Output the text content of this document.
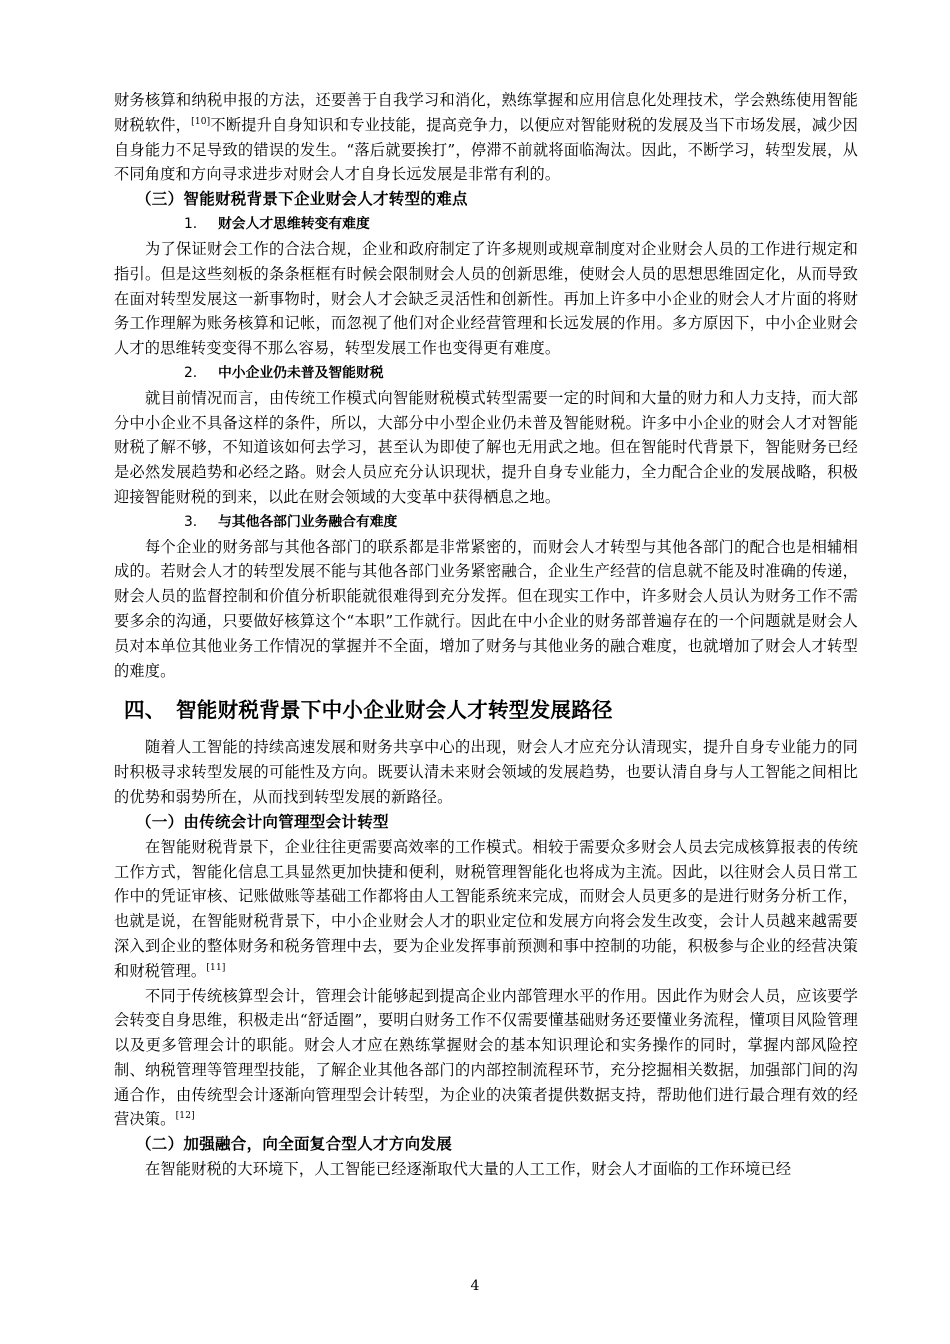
财务核算和纳税申报的方法，还要善于自我学习和消化，熟练掌握和应用信息化处理技术，学会熟练使用智能财税软件，[10]不断提升自身知识和专业技能，提高竞争力，以便应对智能财税的发展及当下市场发展，减少因自身能力不足导致的错误的发生。“落后就要挨打”，停滞不前就将面临淘汰。因此，不断学习，转型发展，从不同角度和方向寻求进步对财会人才自身长远发展是非常有利的。

（三）智能财税背景下企业财会人才转型的难点
1. 财会人才思维转变有难度

为了保证财会工作的合法合规，企业和政府制定了许多规则或规章制度对企业财会人员的工作进行规定和指引。但是这些刻板的条条框框有时候会限制财会人员的创新思维，使财会人员的思想思维固定化，从而导致在面对转型发展这一新事物时，财会人才会缺乏灵活性和创新性。再加上许多中小企业的财会人才片面的将财务工作理解为账务核算和记帐，而忽视了他们对企业经营管理和长远发展的作用。多方原因下，中小企业财会人才的思维转变变得不那么容易，转型发展工作也变得更有难度。

2. 中小企业仍未普及智能财税

就目前情况而言，由传统工作模式向智能财税模式转型需要一定的时间和大量的财力和人力支持，而大部分中小企业不具备这样的条件，所以，大部分中小型企业仍未普及智能财税。许多中小企业的财会人才对智能财税了解不够，不知道该如何去学习，甚至认为即使了解也无用武之地。但在智能时代背景下，智能财务已经是必然发展趋势和必经之路。财会人员应充分认识现状，提升自身专业能力，全力配合企业的发展战略，积极迎接智能财税的到来，以此在财会领域的大变革中获得栖息之地。

3. 与其他各部门业务融合有难度

每个企业的财务部与其他各部门的联系都是非常紧密的，而财会人才转型与其他各部门的配合也是相辅相成的。若财会人才的转型发展不能与其他各部门业务紧密融合，企业生产经营的信息就不能及时准确的传递，财会人员的监督控制和价值分析职能就很难得到充分发挥。但在现实工作中，许多财会人员认为财务工作不需要多余的沟通，只要做好核算这个“本职”工作就行。因此在中小企业的财务部普遍存在的一个问题就是财会人员对本单位其他业务工作情况的掌握并不全面，增加了财务与其他业务的融合难度，也就增加了财会人才转型的难度。

四、 智能财税背景下中小企业财会人才转型发展路径

随着人工智能的持续高速发展和财务共享中心的出现，财会人才应充分认清现实，提升自身专业能力的同时积极寻求转型发展的可能性及方向。既要认清未来财会领域的发展趋势，也要认清自身与人工智能之间相比的优势和弱势所在，从而找到转型发展的新路径。

（一）由传统会计向管理型会计转型

在智能财税背景下，企业往往更需要高效率的工作模式。相较于需要众多财会人员去完成核算报表的传统工作方式，智能化信息工具显然更加快捷和便利，财税管理智能化也将成为主流。因此，以往财会人员日常工作中的凭证审核、记账做账等基础工作都将由人工智能系统来完成，而财会人员更多的是进行财务分析工作，也就是说，在智能财税背景下，中小企业财会人才的职业定位和发展方向将会发生改变，会计人员越来越需要深入到企业的整体财务和税务管理中去，要为企业发挥事前预测和事中控制的功能，积极参与企业的经营决策和财税管理。[11]

不同于传统核算型会计，管理会计能够起到提高企业内部管理水平的作用。因此作为财会人员，应该要学会转变自身思维，积极走出“舒适圈”，要明白财务工作不仅需要懂基础财务还要懂业务流程，懂项目风险管理以及更多管理会计的职能。财会人才应在熟练掌握财会的基本知识理论和实务操作的同时，掌握内部风险控制、纳税管理等管理型技能，了解企业其他各部门的内部控制流程环节，充分挖掘相关数据，加强部门间的沟通合作，由传统型会计逐渐向管理型会计转型，为企业的决策者提供数据支持，帮助他们进行最合理有效的经营决策。[12]

（二）加强融合，向全面复合型人才方向发展

在智能财税的大环境下，人工智能已经逐渐取代大量的人工工作，财会人才面临的工作环境已经

4
